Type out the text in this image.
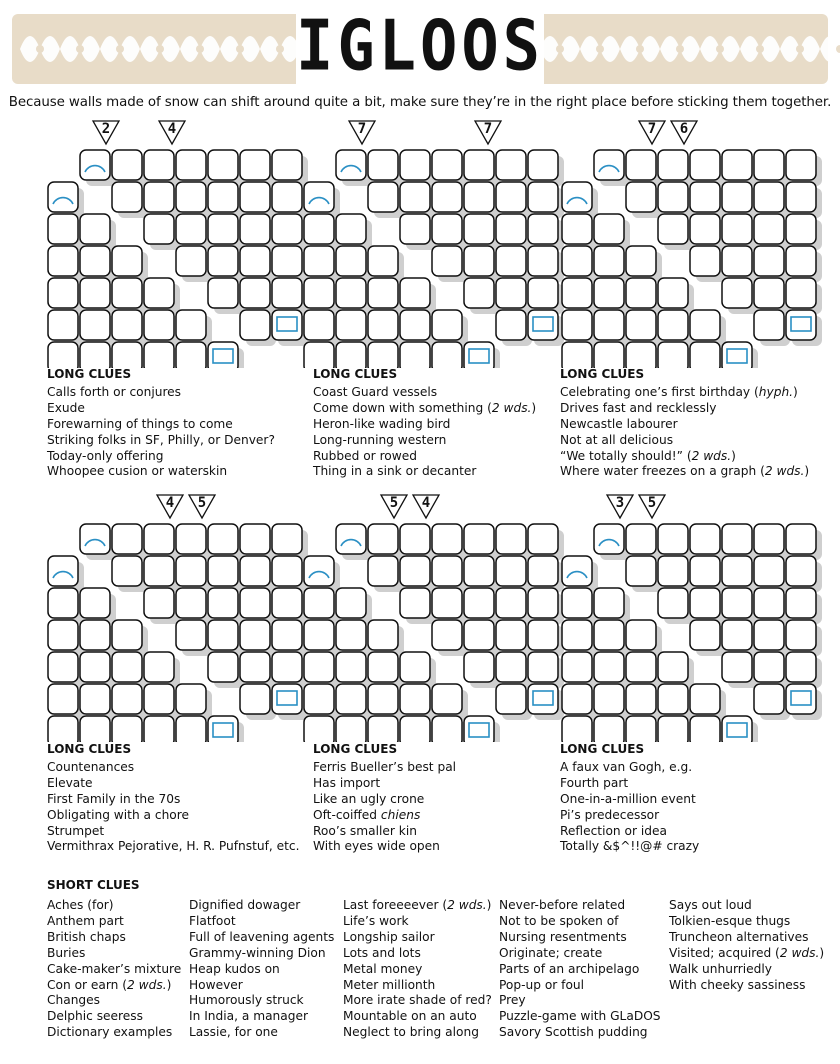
IGLOOS
Because walls made of snow can shift around quite a bit, make sure they’re in the right place before sticking them together.
2	4	7	7	7 6
4 5	5 4	3 5
LONG CLUES
Calls forth or conjures
Exude
Forewarning of things to come
Striking folks in SF, Philly, or Denver?
Today-only offering
Whoopee cusion or waterskin
LONG CLUES
Coast Guard vessels
Come down with something (2 wds.)
Heron-like wading bird
Long-running western
Rubbed or rowed
Thing in a sink or decanter
LONG CLUES
Celebrating one’s first birthday (hyph.)
Drives fast and recklessly
Newcastle labourer
Not at all delicious
“We totally should!” (2 wds.)
Where water freezes on a graph (2 wds.)
LONG CLUES
Countenances
Elevate
First Family in the 70s
Obligating with a chore
Strumpet
Vermithrax Pejorative, H. R. Pufnstuf, etc.
LONG CLUES
Ferris Bueller’s best pal
Has import
Like an ugly crone
Oft-coiffed chiens
Roo’s smaller kin
With eyes wide open
LONG CLUES
A faux van Gogh, e.g.
Fourth part
One-in-a-million event
Pi’s predecessor
Reflection or idea
Totally &$^!!@# crazy
SHORT CLUES
Aches (for)
Anthem part
British chaps
Buries
Cake-maker’s mixture
Con or earn (2 wds.)
Changes
Delphic seeress
Dictionary examples
Dignified dowager
Flatfoot
Full of leavening agents
Grammy-winning Dion
Heap kudos on
However
Humorously struck
In India, a manager
Lassie, for one
Last foreeeever (2 wds.)
Life’s work
Longship sailor
Lots and lots
Metal money
Meter millionth
More irate shade of red?
Mountable on an auto
Neglect to bring along
Never-before related
Not to be spoken of
Nursing resentments
Originate; create
Parts of an archipelago
Pop-up or foul
Prey
Puzzle-game with GLaDOS
Savory Scottish pudding
Says out loud
Tolkien-esque thugs
Truncheon alternatives
Visited; acquired (2 wds.)
Walk unhurriedly
With cheeky sassiness
